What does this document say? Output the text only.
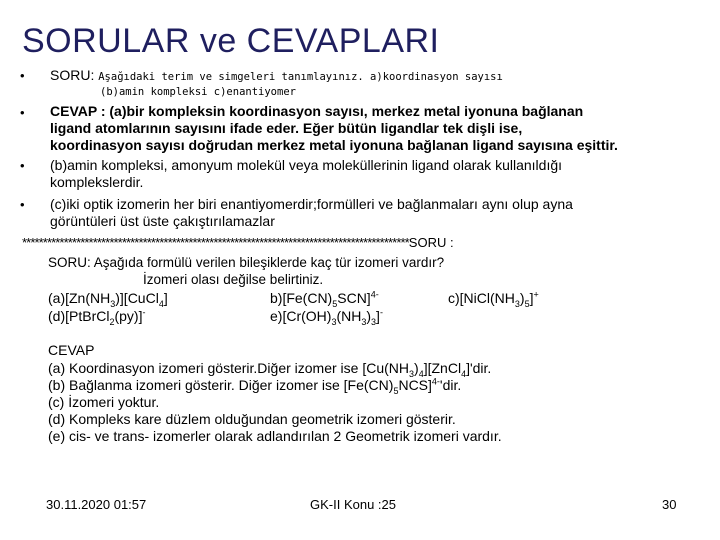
SORULAR ve CEVAPLARI
• SORU: Aşağıdaki terim ve simgeleri tanımlayınız. a)koordinasyon sayısı
(b)amin kompleksi c)enantiyomer
• CEVAP : (a)bir kompleksin koordinasyon sayısı, merkez metal iyonuna bağlanan
ligand atomlarının sayısını ifade eder. Eğer bütün ligandlar tek dişli ise,
koordinasyon sayısı doğrudan merkez metal iyonuna bağlanan ligand sayısına eşittir.
• (b)amin kompleksi, amonyum molekül veya moleküllerinin ligand olarak kullanıldığı
komplekslerdir.
• (c)iki optik izomerin her biri enantiyomerdir;formülleri ve bağlanmaları aynı olup ayna
görüntüleri üst üste çakıştırılamazlar
*********************************************************************************************SORU :
SORU: Aşağıda formülü verilen bileşiklerde kaç tür izomeri vardır?
İzomeri olası değilse belirtiniz.
$(a)[Zn(NH_3)][CuCl_4]$	$b)[Fe(CN)_5SCN]^{4-}$	$c)[NiCl(NH_3)_5]^+$
(d)[PtBrCl$_2$(py)]-	$e)[Cr(OH)_3(NH_3)_3]^-$
CEVAP
(a) Koordinasyon izomeri gösterir.Diğer izomer ise $[Cu(NH_3)_4][ZnCl_4]'dir$.
(b) Bağlanma izomeri gösterir. Diğer izomer ise $[Fe(CN)_5NCS]^{4-}'dir$.
(c) İzomeri yoktur.
(d) Kompleks kare düzlem olduğundan geometrik izomeri gösterir.
(e) cis- ve trans- izomerler olarak adlandırılan 2 Geometrik izomeri vardır.
30.11.2020 01:57	GK-II Konu :25	30
